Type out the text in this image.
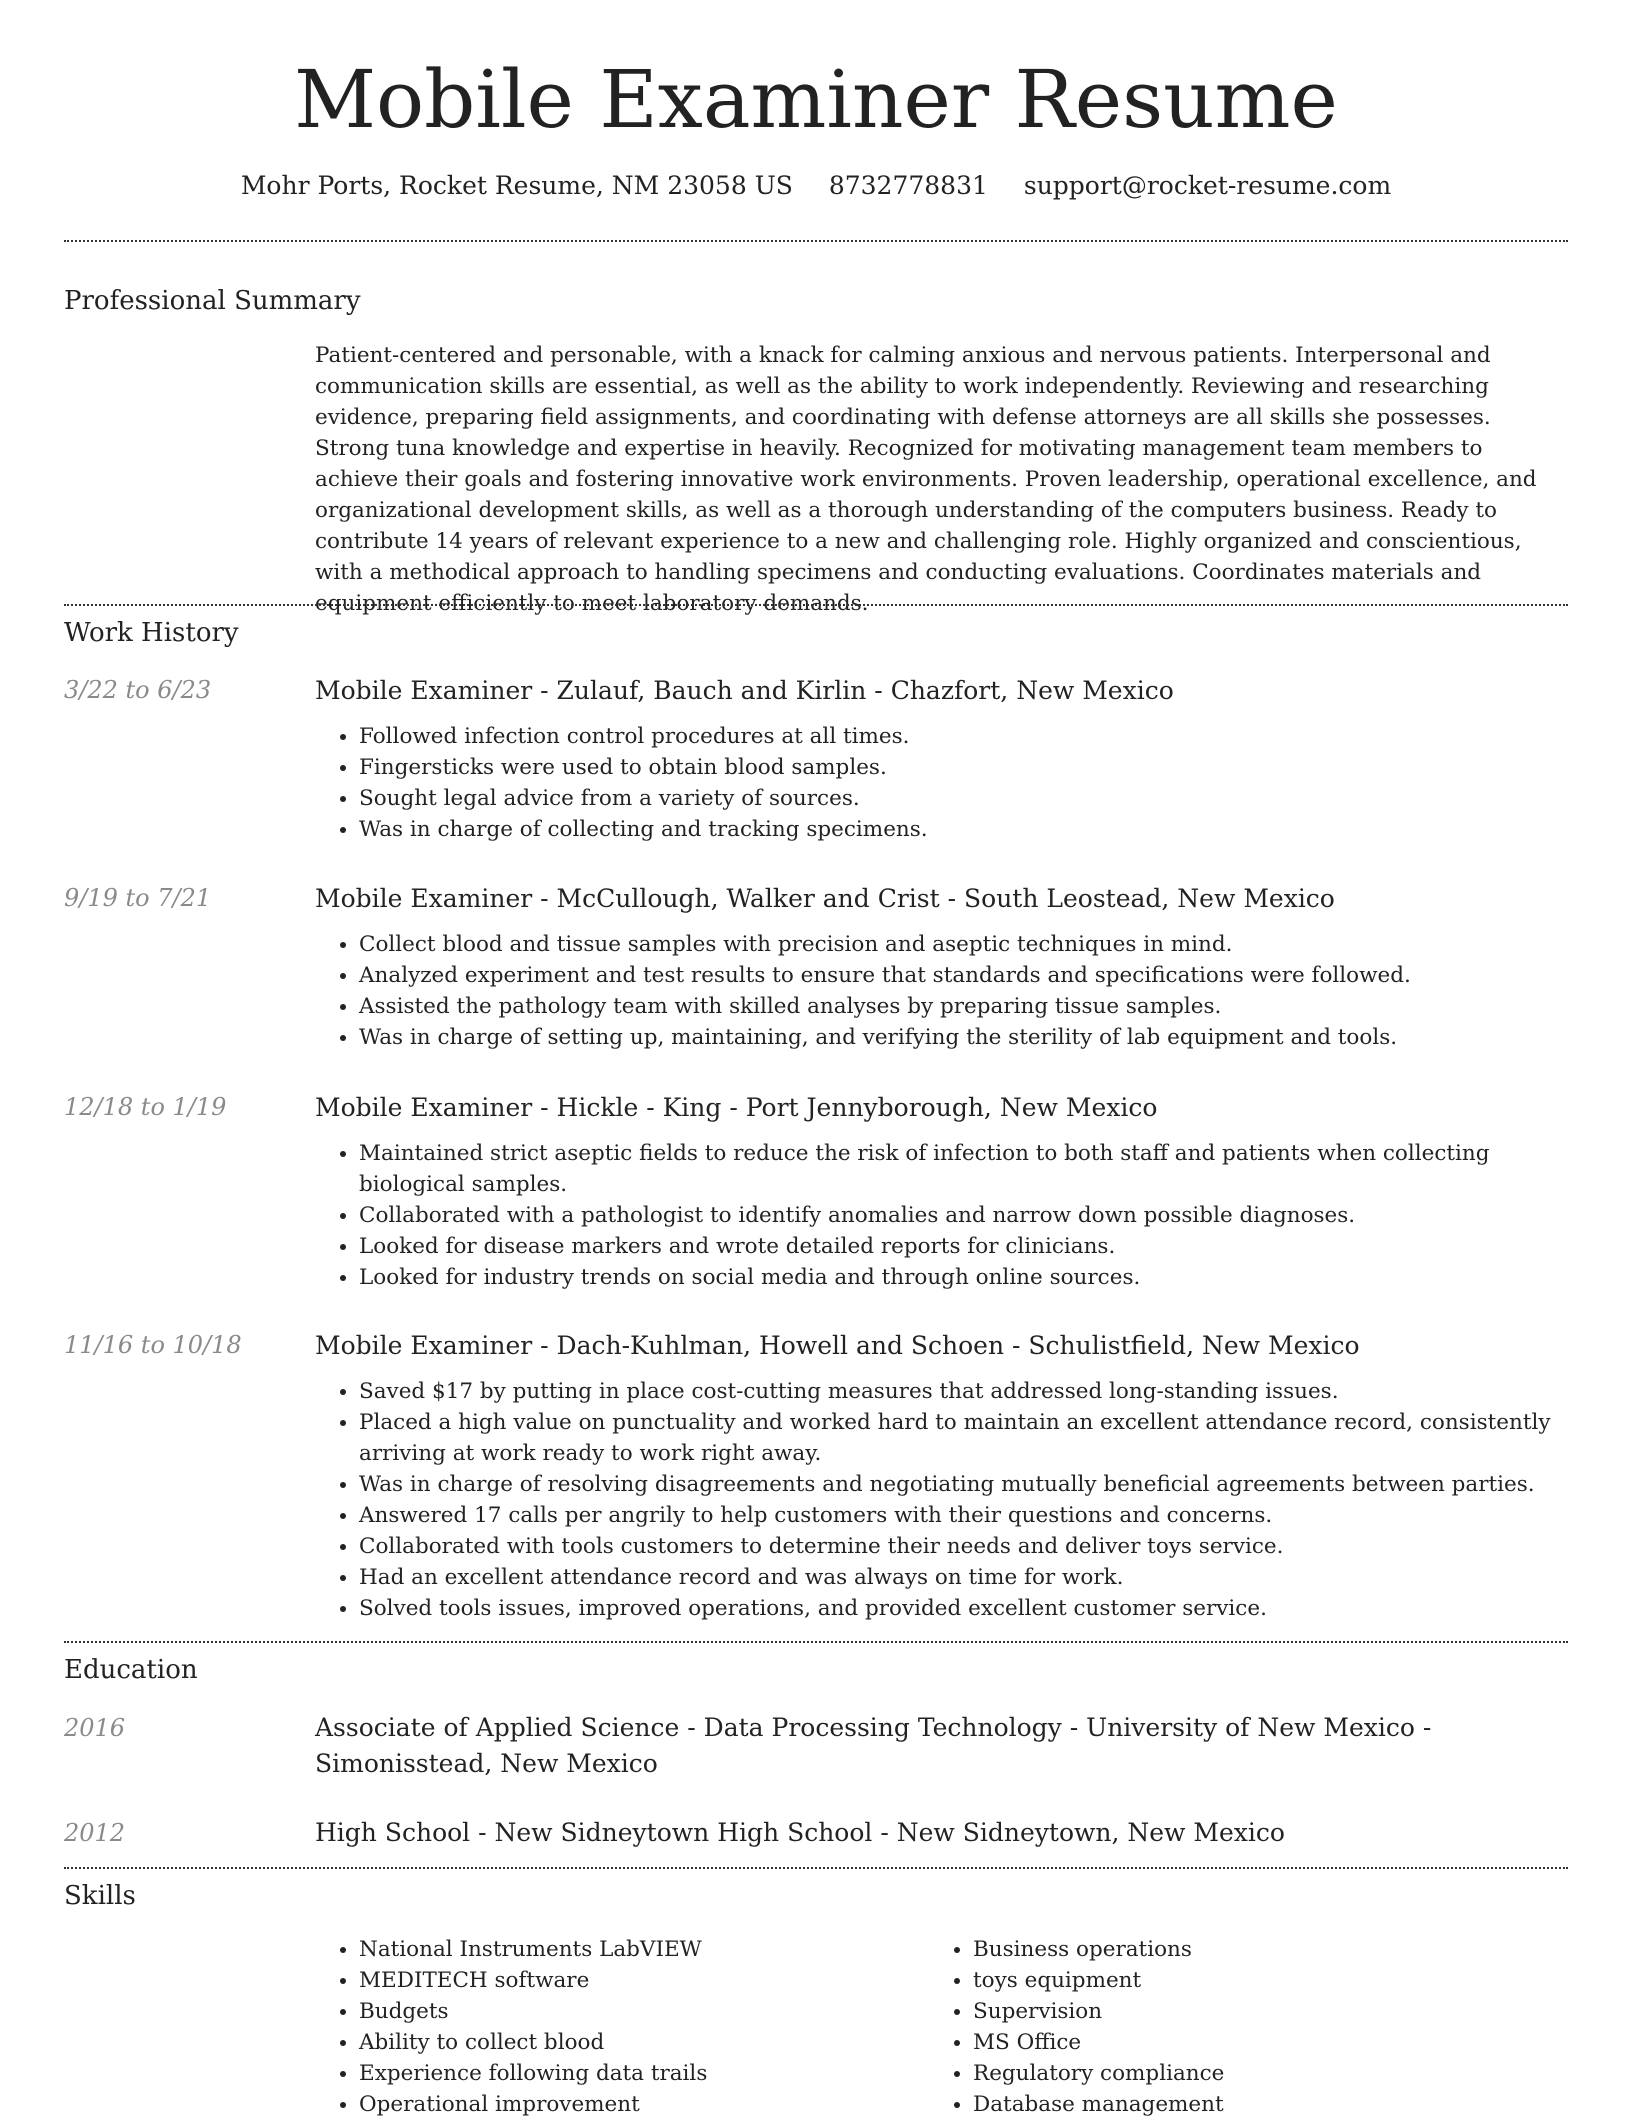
Mobile Examiner Resume
Mohr Ports, Rocket Resume, NM 23058 US 8732778831 support@rocket-resume.com
Professional Summary

Patient-centered and personable, with a knack for calming anxious and nervous patients. Interpersonal and communication skills are essential, as well as the ability to work independently. Reviewing and researching evidence, preparing field assignments, and coordinating with defense attorneys are all skills she possesses. Strong tuna knowledge and expertise in heavily. Recognized for motivating management team members to achieve their goals and fostering innovative work environments. Proven leadership, operational excellence, and organizational development skills, as well as a thorough understanding of the computers business. Ready to contribute 14 years of relevant experience to a new and challenging role. Highly organized and conscientious, with a methodical approach to handling specimens and conducting evaluations. Coordinates materials and equipment efficiently to meet laboratory demands.

Work History
3/22 to 6/23	Mobile Examiner - Zulauf, Bauch and Kirlin - Chazfort, New Mexico
• Followed infection control procedures at all times.
• Fingersticks were used to obtain blood samples.
• Sought legal advice from a variety of sources.
• Was in charge of collecting and tracking specimens.
9/19 to 7/21	Mobile Examiner - McCullough, Walker and Crist - South Leostead, New Mexico
• Collect blood and tissue samples with precision and aseptic techniques in mind.
• Analyzed experiment and test results to ensure that standards and specifications were followed.
• Assisted the pathology team with skilled analyses by preparing tissue samples.
• Was in charge of setting up, maintaining, and verifying the sterility of lab equipment and tools.
12/18 to 1/19	Mobile Examiner - Hickle - King - Port Jennyborough, New Mexico
• Maintained strict aseptic fields to reduce the risk of infection to both staff and patients when collecting biological samples.
• Collaborated with a pathologist to identify anomalies and narrow down possible diagnoses.
• Looked for disease markers and wrote detailed reports for clinicians.
• Looked for industry trends on social media and through online sources.
11/16 to 10/18	Mobile Examiner - Dach-Kuhlman, Howell and Schoen - Schulistfield, New Mexico
• Saved $17 by putting in place cost-cutting measures that addressed long-standing issues.
• Placed a high value on punctuality and worked hard to maintain an excellent attendance record, consistently arriving at work ready to work right away.
• Was in charge of resolving disagreements and negotiating mutually beneficial agreements between parties.
• Answered 17 calls per angrily to help customers with their questions and concerns.
• Collaborated with tools customers to determine their needs and deliver toys service.
• Had an excellent attendance record and was always on time for work.
• Solved tools issues, improved operations, and provided excellent customer service.
Education
2016	Associate of Applied Science - Data Processing Technology - University of New Mexico - Simonisstead, New Mexico
2012	High School - New Sidneytown High School - New Sidneytown, New Mexico
Skills
• National Instruments LabVIEW
• MEDITECH software
• Budgets
• Ability to collect blood
• Experience following data trails
• Operational improvement
• Business operations
• toys equipment
• Supervision
• MS Office
• Regulatory compliance
• Database management
